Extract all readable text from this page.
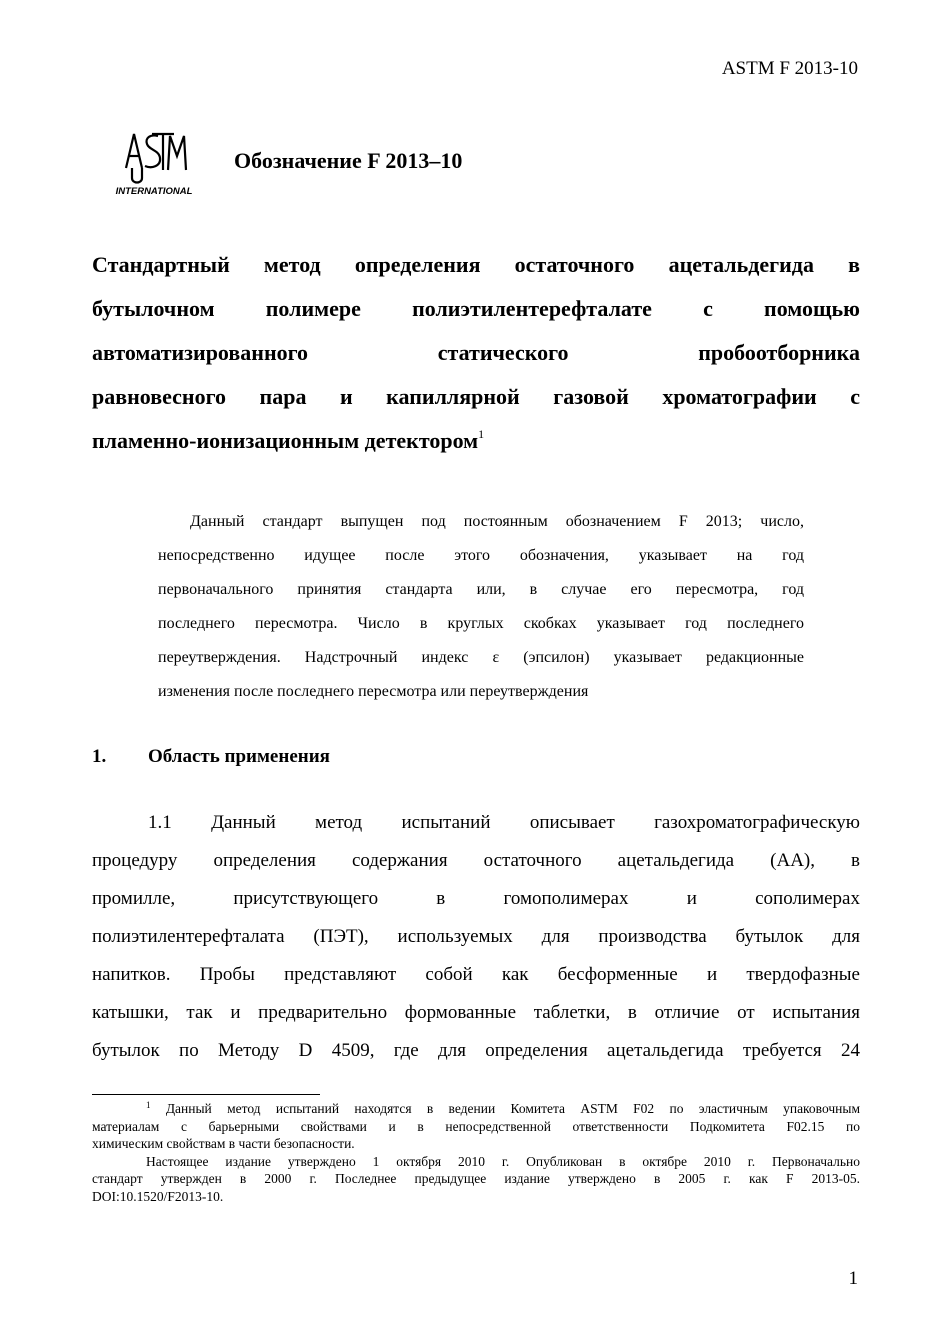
ASTM F 2013-10
INTERNATIONAL
Обозначение F 2013–10
Стандартный метод определения остаточного ацетальдегида в
бутылочном полимере полиэтилентерефталате с помощью
автоматизированного статического пробоотборника
равновесного пара и капиллярной газовой хроматографии с
пламенно-ионизационным детектором$^1$
Данный стандарт выпущен под постоянным обозначением F 2013; число,
непосредственно идущее после этого обозначения, указывает на год
первоначального принятия стандарта или, в случае его пересмотра, год
последнего пересмотра. Число в круглых скобках указывает год последнего
переутверждения. Надстрочный индекс ε (эпсилон) указывает редакционные
изменения после последнего пересмотра или переутверждения
1. Область применения
1.1 Данный метод испытаний описывает газохроматографическую
процедуру определения содержания остаточного ацетальдегида (АА), в
промилле, присутствующего в гомополимерах и сополимерах
полиэтилентерефталата (ПЭТ), используемых для производства бутылок для
напитков. Пробы представляют собой как бесформенные и твердофазные
катышки, так и предварительно формованные таблетки, в отличие от испытания
бутылок по Методу D 4509, где для определения ацетальдегида требуется 24
$^1$ Данный метод испытаний находятся в ведении Комитета ASTM F02 по эластичным упаковочным
материалам с барьерными свойствами и в непосредственной ответственности Подкомитета F02.15 по
химическим свойствам в части безопасности.
Настоящее издание утверждено 1 октября 2010 г. Опубликован в октябре 2010 г. Первоначально
стандарт утвержден в 2000 г. Последнее предыдущее издание утверждено в 2005 г. как F 2013-05.
DOI:10.1520/F2013-10.
1
